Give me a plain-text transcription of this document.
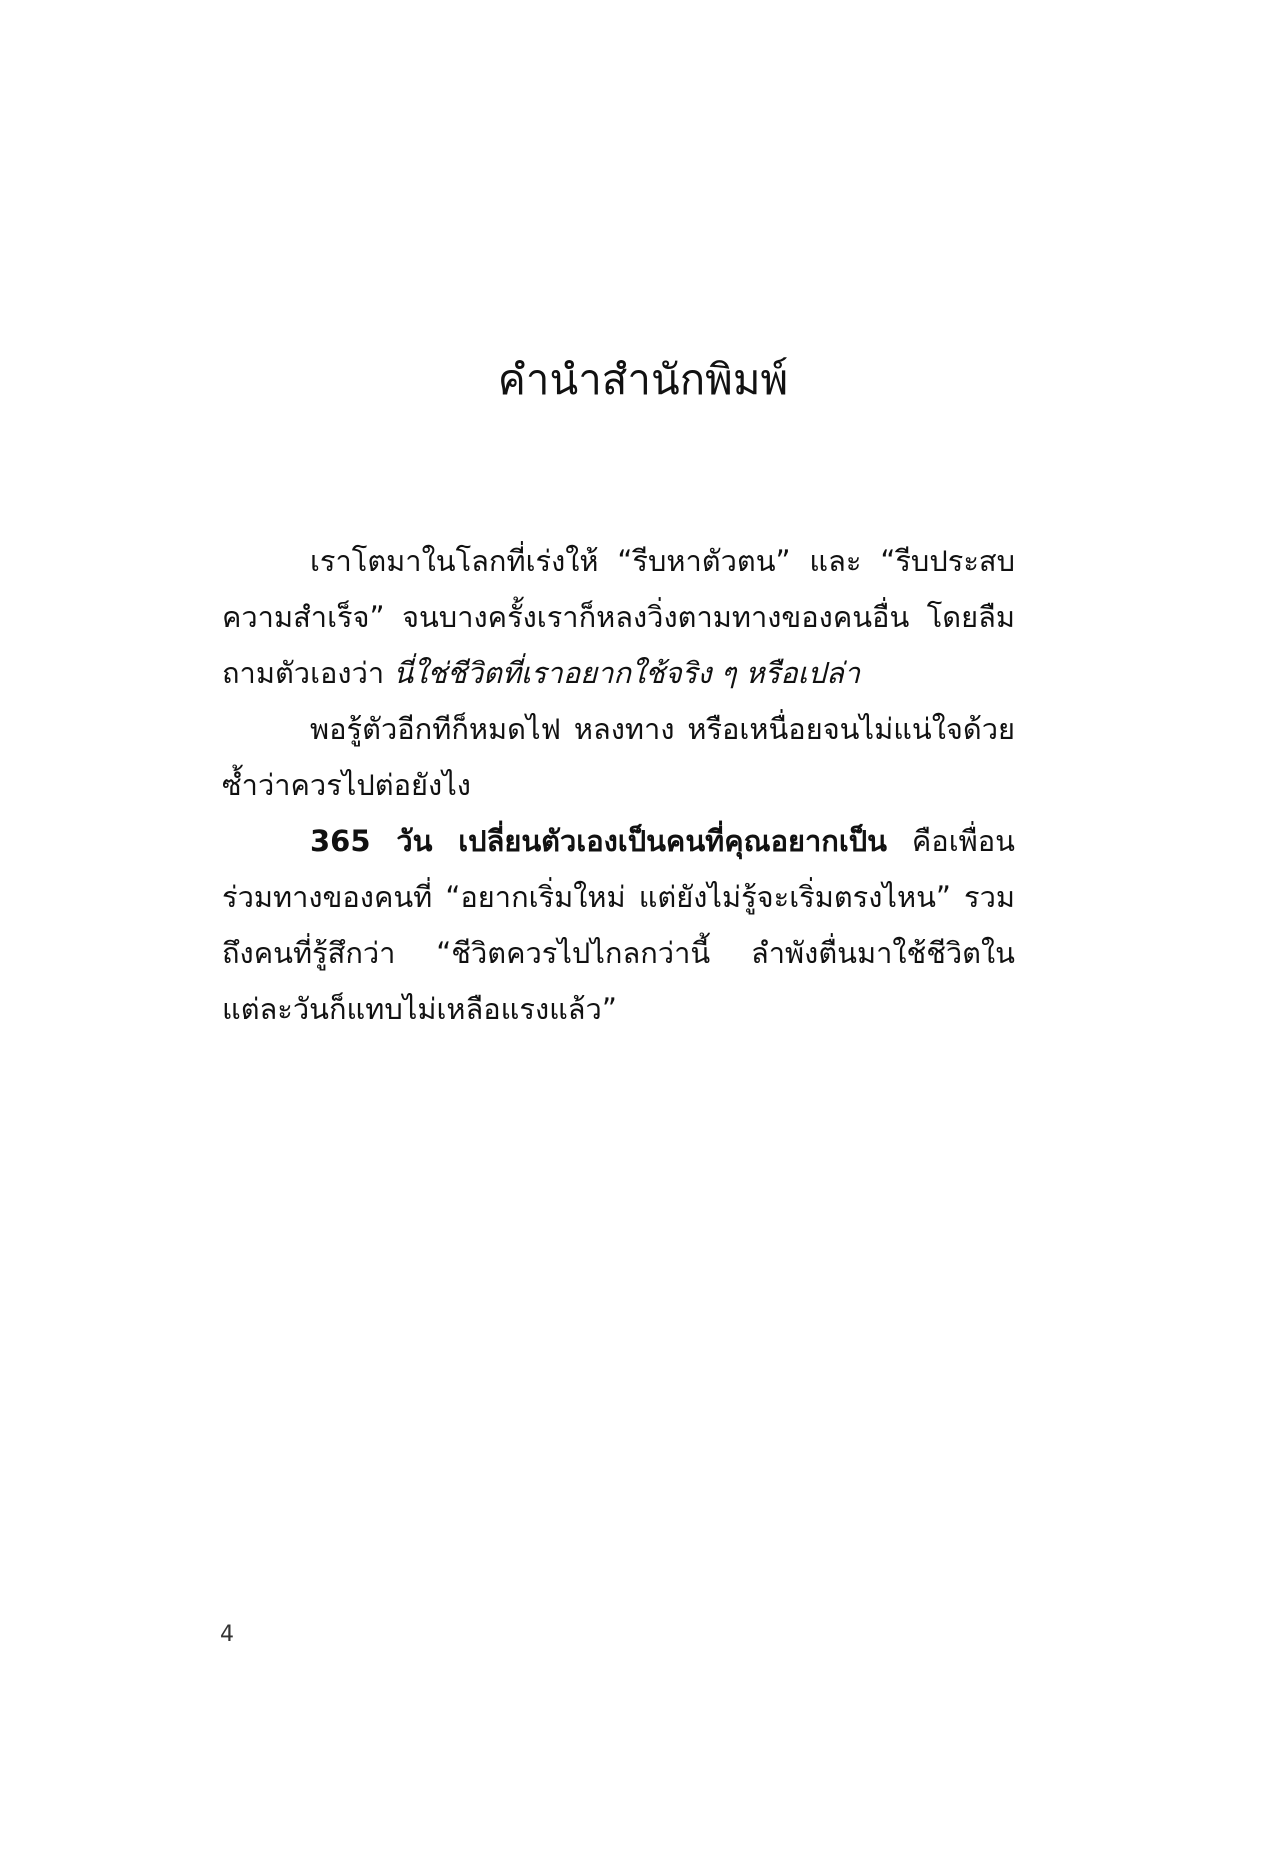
คำนำสำนักพิมพ์

เราโตมาในโลกที่เร่งให้ “รีบหาตัวตน” และ “รีบประสบความสำเร็จ” จนบางครั้งเราก็หลงวิ่งตามทางของคนอื่น โดยลืมถามตัวเองว่า นี่ใช่ชีวิตที่เราอยากใช้จริง ๆ หรือเปล่า

พอรู้ตัวอีกทีก็หมดไฟ หลงทาง หรือเหนื่อยจนไม่แน่ใจด้วยซ้ำว่าควรไปต่อยังไง

365 วัน เปลี่ยนตัวเองเป็นคนที่คุณอยากเป็น คือเพื่อนร่วมทางของคนที่ “อยากเริ่มใหม่ แต่ยังไม่รู้จะเริ่มตรงไหน” รวมถึงคนที่รู้สึกว่า “ชีวิตควรไปไกลกว่านี้ ลำพังตื่นมาใช้ชีวิตในแต่ละวันก็แทบไม่เหลือแรงแล้ว”

4
